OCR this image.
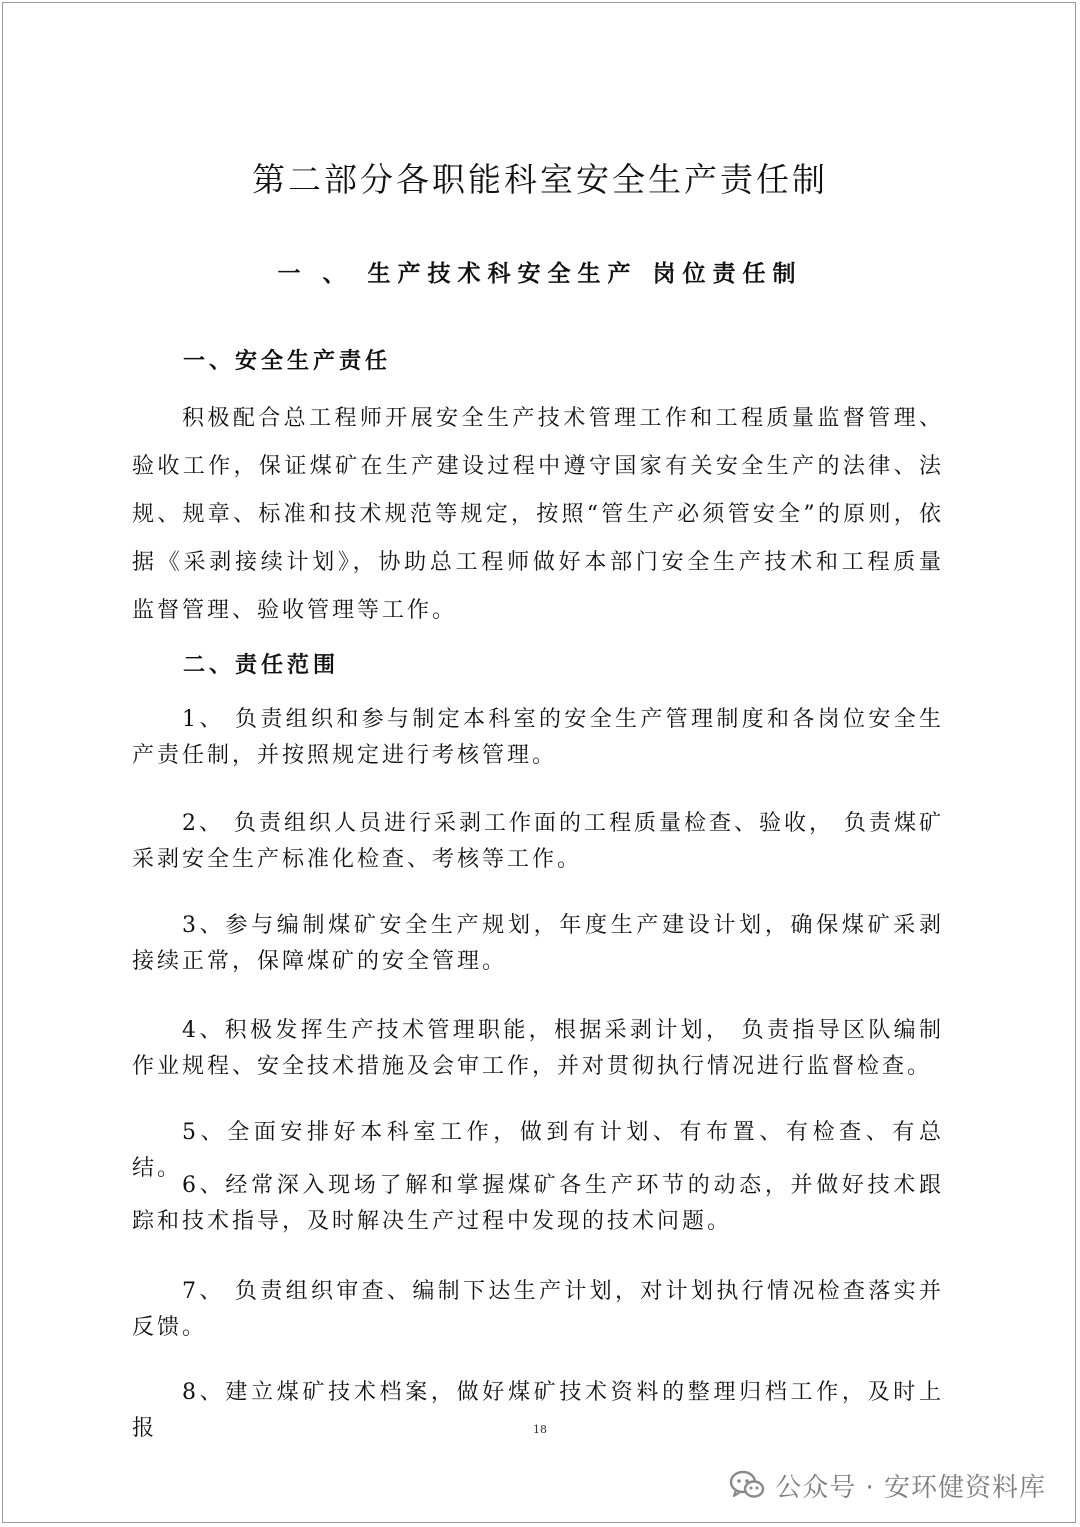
第二部分各职能科室安全生产责任制
一 、 生产技术科安全生产 岗位责任制
一、安全生产责任

积极配合总工程师开展安全生产技术管理工作和工程质量监督管理、验收工作，保证煤矿在生产建设过程中遵守国家有关安全生产的法律、法规、规章、标准和技术规范等规定，按照“管生产必须管安全”的原则，依据《采剥接续计划》，协助总工程师做好本部门安全生产技术和工程质量监督管理、验收管理等工作。

二、责任范围

1、 负责组织和参与制定本科室的安全生产管理制度和各岗位安全生产责任制，并按照规定进行考核管理。

2、 负责组织人员进行采剥工作面的工程质量检查、验收， 负责煤矿采剥安全生产标准化检查、考核等工作。

3、参与编制煤矿安全生产规划，年度生产建设计划，确保煤矿采剥接续正常，保障煤矿的安全管理。

4、积极发挥生产技术管理职能，根据采剥计划， 负责指导区队编制作业规程、安全技术措施及会审工作，并对贯彻执行情况进行监督检查。

5、全面安排好本科室工作，做到有计划、有布置、有检查、有总结。

6、经常深入现场了解和掌握煤矿各生产环节的动态，并做好技术跟踪和技术指导，及时解决生产过程中发现的技术问题。

7、 负责组织审查、编制下达生产计划，对计划执行情况检查落实并反馈。

8、建立煤矿技术档案，做好煤矿技术资料的整理归档工作，及时上报	18
公众号 · 安环健资料库
